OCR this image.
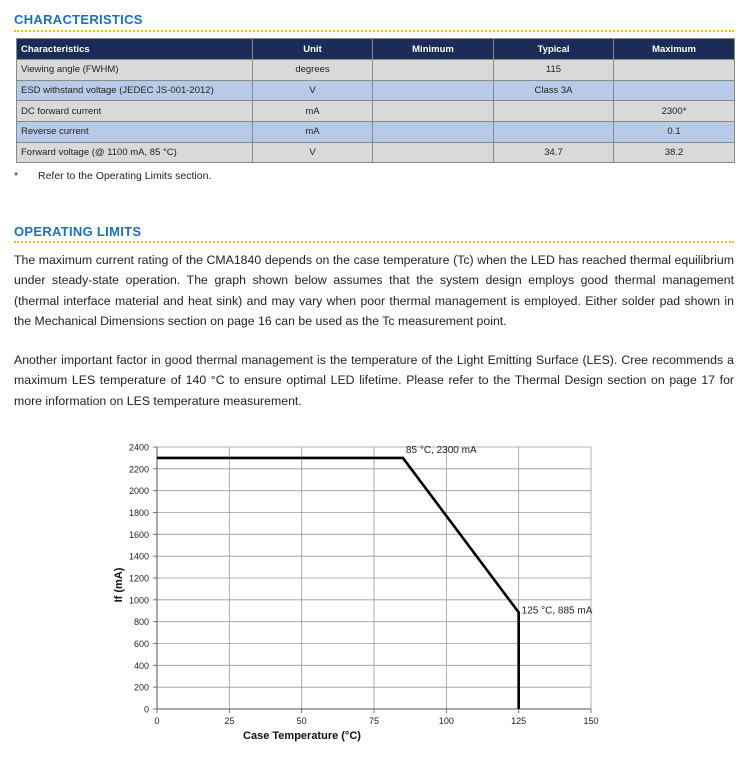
CHARACTERISTICS
Characteristics	Unit	Minimum	Typical	Maximum
Viewing angle (FWHM)	degrees		115	
ESD withstand voltage (JEDEC JS-001-2012)	V		Class 3A	
DC forward current	mA			2300*
Reverse current	mA			0.1
Forward voltage (@ 1100 mA, 85 °C)	V		34.7	38.2
* Refer to the Operating Limits section.
OPERATING LIMITS
The maximum current rating of the CMA1840 depends on the case temperature (Tc) when the LED has reached thermal equilibrium under steady-state operation. The graph shown below assumes that the system design employs good thermal management (thermal interface material and heat sink) and may vary when poor thermal management is employed. Either solder pad shown in the Mechanical Dimensions section on page 16 can be used as the Tc measurement point.
Another important factor in good thermal management is the temperature of the Light Emitting Surface (LES). Cree recommends a maximum LES temperature of 140 °C to ensure optimal LED lifetime. Please refer to the Thermal Design section on page 17 for more information on LES temperature measurement.
0
200
400
600
800
1000
1200
1400
1600
1800
2000
2200
2400
0	25	50	75	100	125	150
85 °C, 2300 mA
125 °C, 885 mA
Case Temperature (°C)
If (mA)
